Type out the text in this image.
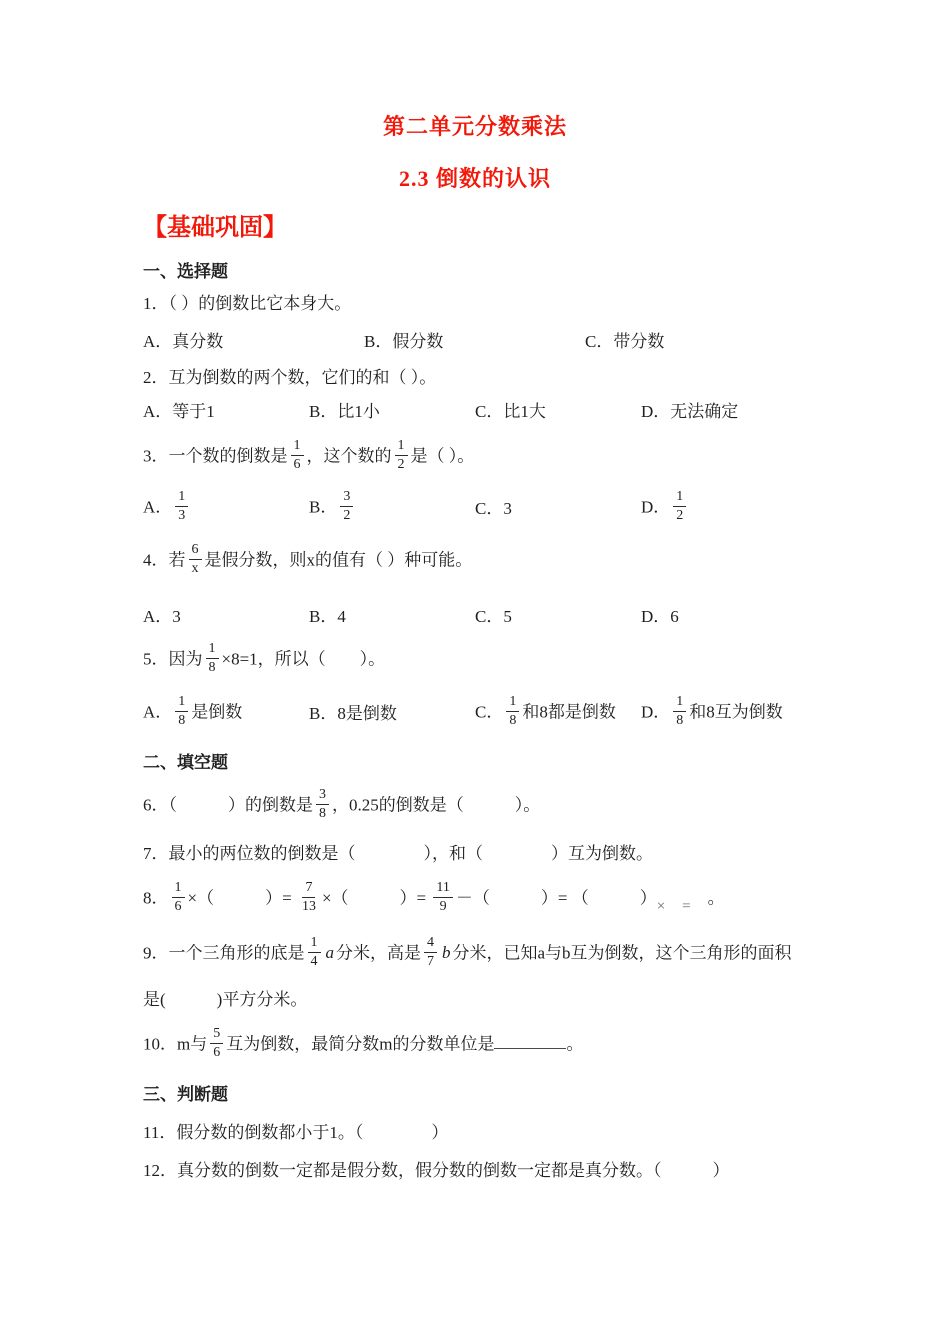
第二单元分数乘法
2.3 倒数的认识
【基础巩固】
一、选择题
1．（ ）的倒数比它本身大。
A．真分数	B．假分数	C．带分数
2．互为倒数的两个数，它们的和（ ）。
A．等于1	B．比1小	C．比1大	D．无法确定
3．一个数的倒数是 $\frac{1}{6}$ ，这个数的 $\frac{1}{2}$ 是（ ）。
A． $\frac{1}{3}$	B． $\frac{3}{2}$	C．3	D． $\frac{1}{2}$
4．若 $\frac{6}{x}$ 是假分数，则x的值有（ ）种可能。
A．3	B．4	C．5	D．6
5．因为 $\frac{1}{8} \times 8=1$，所以（　　）。
A． $\frac{1}{8}$ 是倒数	B．8是倒数	C． $\frac{1}{8}$ 和8都是倒数	D． $\frac{1}{8}$ 和8互为倒数
二、填空题
6．（　　　）的倒数是 $\frac{3}{8}$ ，0.25的倒数是（　　　）。
7．最小的两位数的倒数是（　　　　），和（　　　　）互为倒数。
8． $\frac{1}{6}$ ×（　　　）= $\frac{7}{13}$ ×（　　　）= $\frac{11}{9}$ －（　　　）= （　　　）×　 =　。
9．一个三角形的底是 $\frac{1}{4}$ a 分米，高是 $\frac{4}{7}$ b 分米，已知a与b互为倒数，这个三角形的面积
是(　　　)平方分米。
10．m与 $\frac{5}{6}$ 互为倒数，最简分数m的分数单位是	。
三、判断题
11．假分数的倒数都小于1。（　　　　）
12．真分数的倒数一定都是假分数，假分数的倒数一定都是真分数。（　　　）
